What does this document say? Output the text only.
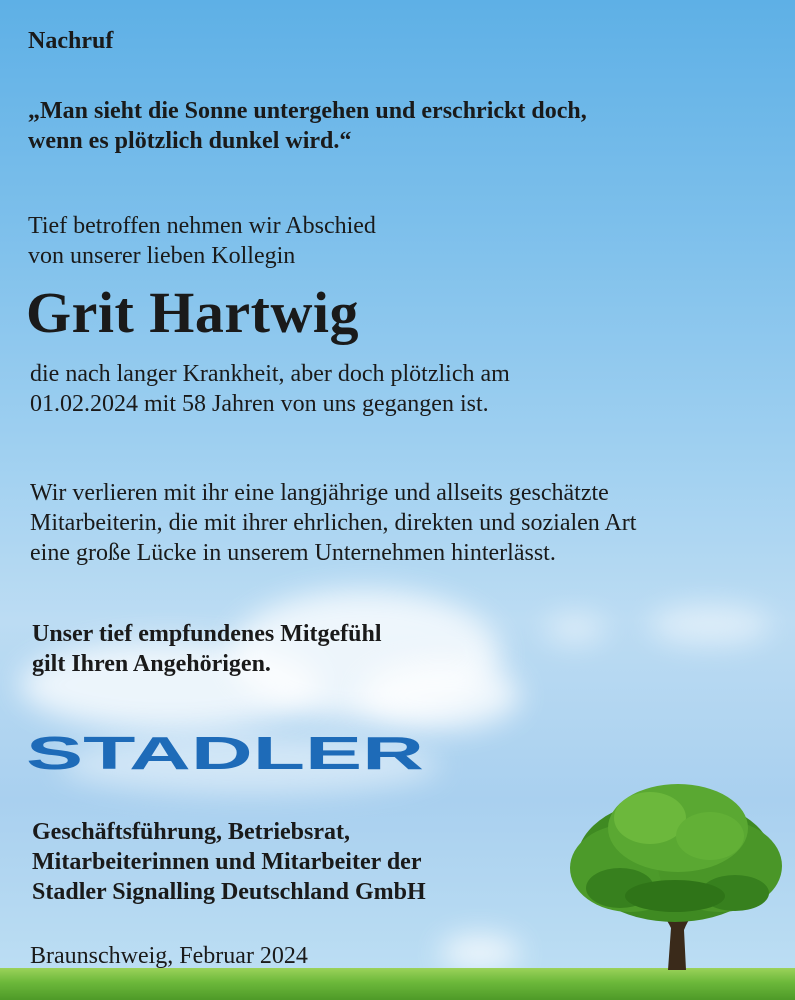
Nachruf

„Man sieht die Sonne untergehen und erschrickt doch,
wenn es plötzlich dunkel wird.“

Tief betroffen nehmen wir Abschied
von unserer lieben Kollegin

Grit Hartwig

die nach langer Krankheit, aber doch plötzlich am
01.02.2024 mit 58 Jahren von uns gegangen ist.

Wir verlieren mit ihr eine langjährige und allseits geschätzte
Mitarbeiterin, die mit ihrer ehrlichen, direkten und sozialen Art
eine große Lücke in unserem Unternehmen hinterlässt.

Unser tief empfundenes Mitgefühl
gilt Ihren Angehörigen.

STADLER

Geschäftsführung, Betriebsrat,
Mitarbeiterinnen und Mitarbeiter der
Stadler Signalling Deutschland GmbH

Braunschweig, Februar 2024
